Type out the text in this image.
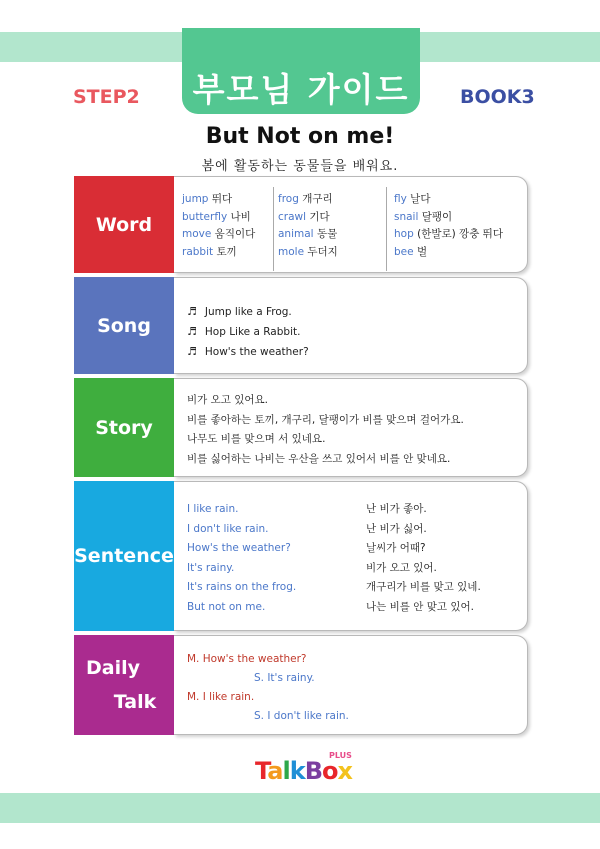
부모님 가이드
STEP2	BOOK3
But Not on me!
봄에 활동하는 동물들을 배워요.
Word
jump 뛰다
butterfly 나비
move 움직이다
rabbit 토끼
frog 개구리
crawl 기다
animal 동물
mole 두더지
fly 날다
snail 달팽이
hop (한발로) 깡충 뛰다
bee 벌
Song
♬ Jump like a Frog.
♬ Hop Like a Rabbit.
♬ How's the weather?
Story
비가 오고 있어요.
비를 좋아하는 토끼, 개구리, 달팽이가 비를 맞으며 걸어가요.
나무도 비를 맞으며 서 있네요.
비를 싫어하는 나비는 우산을 쓰고 있어서 비를 안 맞네요.
Sentence
I like rain.
I don't like rain.
How's the weather?
It's rainy.
It's rains on the frog.
But not on me.
난 비가 좋아.
난 비가 싫어.
날씨가 어때?
비가 오고 있어.
개구리가 비를 맞고 있네.
나는 비를 안 맞고 있어.
Daily
Talk
M. How's the weather?
S. It's rainy.
M. I like rain.
S. I don't like rain.
TalkBox
PLUS
